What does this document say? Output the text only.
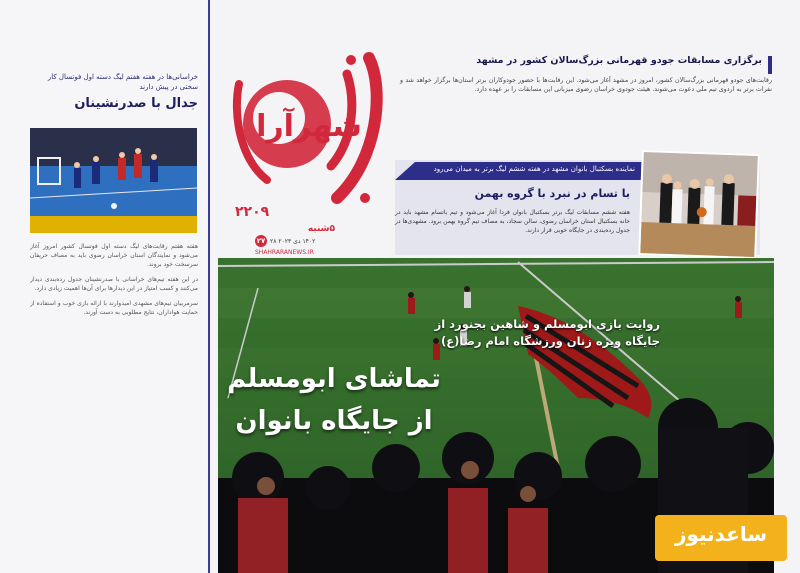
خراسانی‌ها در هفته هفتم لیگ دسته اول فوتسال کار سختی در پیش دارند
جدال با صدرنشینان

هفته هفتم رقابت‌های لیگ دسته اول فوتسال کشور امروز آغاز می‌شود و نمایندگان استان خراسان رضوی باید به مصاف حریفان سرسخت خود بروند.

در این هفته تیم‌های خراسانی با صدرنشینان جدول رده‌بندی دیدار می‌کنند و کسب امتیاز در این دیدارها برای آن‌ها اهمیت زیادی دارد.

سرمربیان تیم‌های مشهدی امیدوارند با ارائه بازی خوب و استفاده از حمایت هواداران، نتایج مطلوبی به دست آورند.

شهرآرا
۲۲۰۹
۵شنبه
۱۴۰۲ دی ۲۰۲۳ ۲۸
۲۷
SHAHRARANEWS.IR
برگزاری مسابقات جودو قهرمانی بزرگ‌سالان کشور در مشهد
رقابت‌های جودو قهرمانی بزرگ‌سالان کشور، امروز در مشهد آغاز می‌شود. این رقابت‌ها با حضور جودوکاران برتر استان‌ها برگزار خواهد شد و نفرات برتر به اردوی تیم ملی دعوت می‌شوند. هیئت جودوی خراسان رضوی میزبانی این مسابقات را بر عهده دارد.
نماینده بسکتبال بانوان مشهد در هفته ششم لیگ برتر به میدان می‌رود
با تسام در نبرد با گروه بهمن
هفته ششم مسابقات لیگ برتر بسکتبال بانوان فردا آغاز می‌شود و تیم باتسام مشهد باید در خانه بسکتبال استان خراسان رضوی، سالن سجاد، به مصاف تیم گروه بهمن برود. مشهدی‌ها در جدول رده‌بندی در جایگاه خوبی قرار دارند.
روایت بازی ابومسلم و شاهین بجنورد از جایگاه ویژه زنان ورزشگاه امام رضا(ع)
تماشای ابومسلم از جایگاه بانوان
ساعدنیوز
